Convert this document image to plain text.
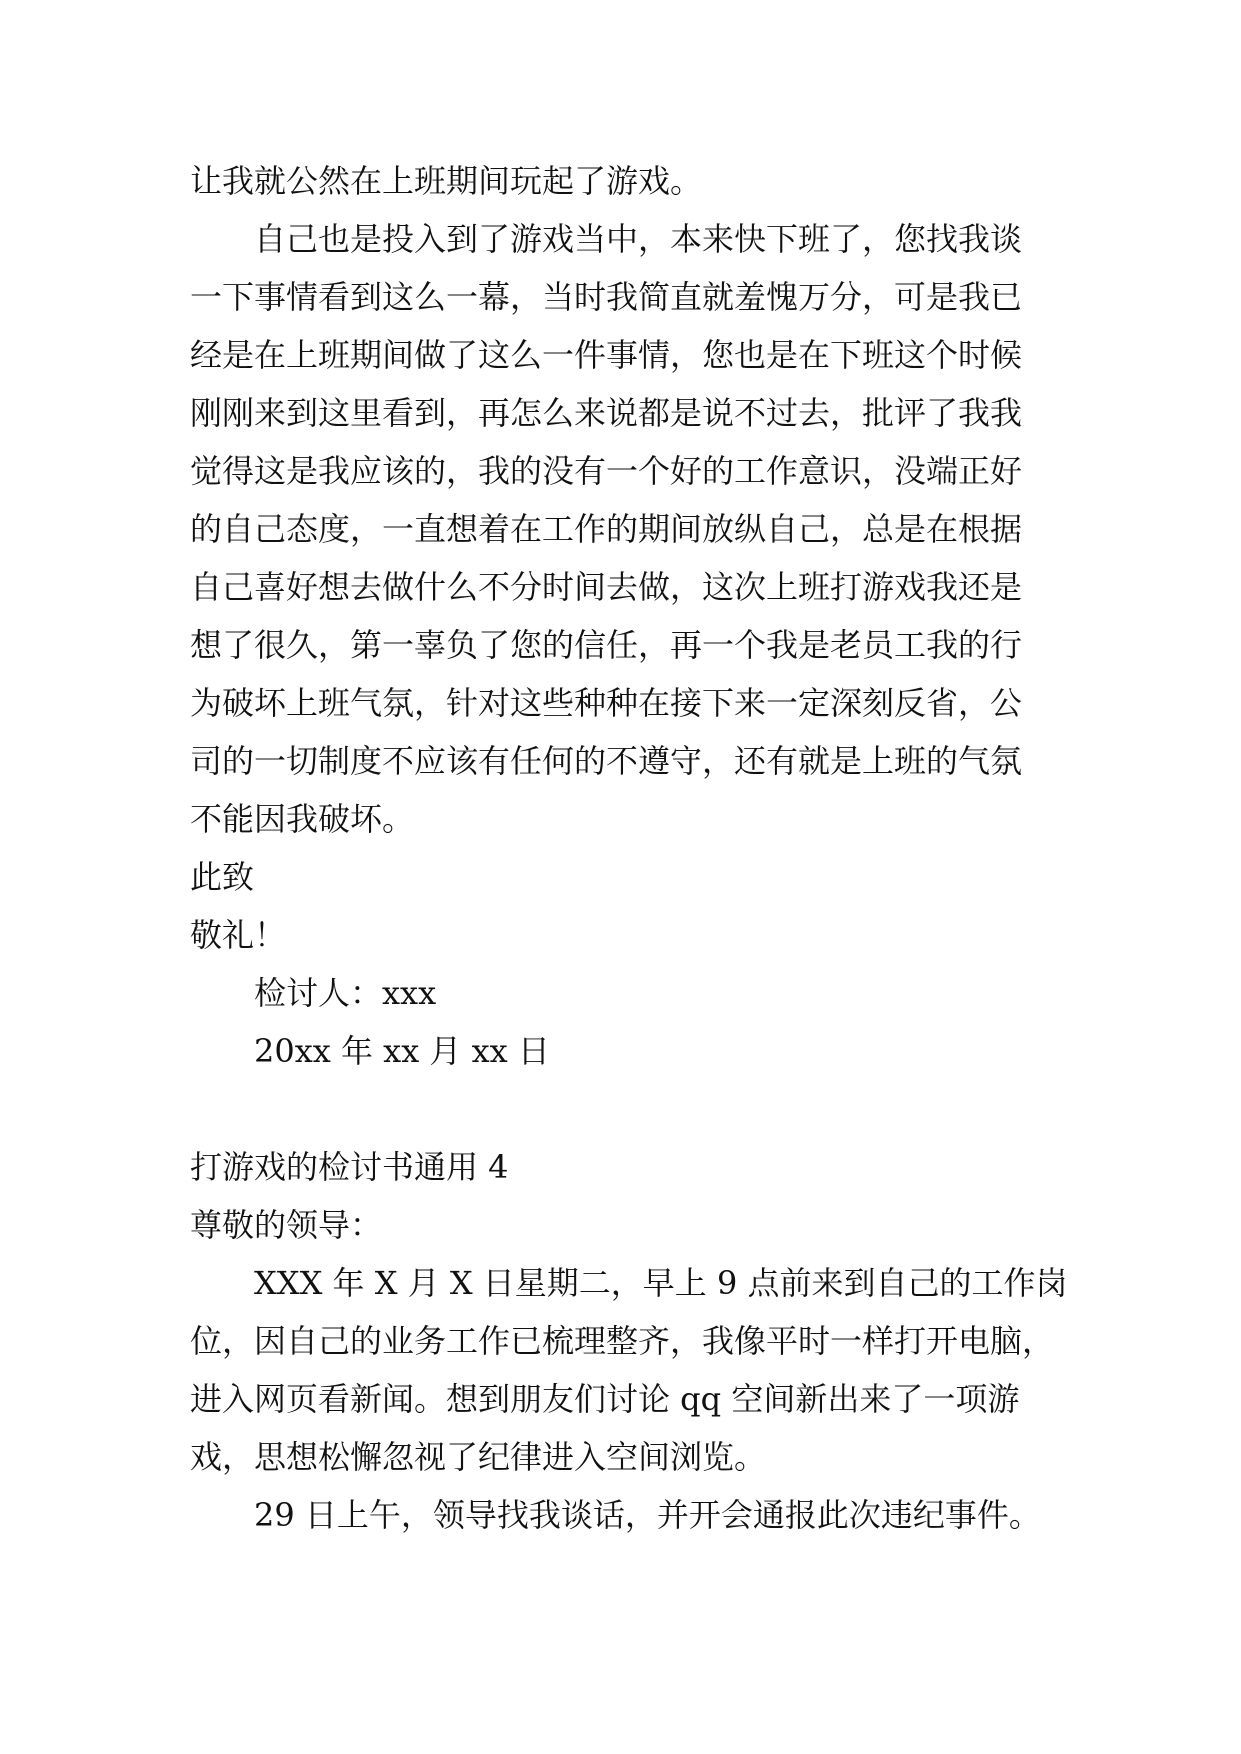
让我就公然在上班期间玩起了游戏。
自己也是投入到了游戏当中，本来快下班了，您找我谈
一下事情看到这么一幕，当时我简直就羞愧万分，可是我已
经是在上班期间做了这么一件事情，您也是在下班这个时候
刚刚来到这里看到，再怎么来说都是说不过去，批评了我我
觉得这是我应该的，我的没有一个好的工作意识，没端正好
的自己态度，一直想着在工作的期间放纵自己，总是在根据
自己喜好想去做什么不分时间去做，这次上班打游戏我还是
想了很久，第一辜负了您的信任，再一个我是老员工我的行
为破坏上班气氛，针对这些种种在接下来一定深刻反省，公
司的一切制度不应该有任何的不遵守，还有就是上班的气氛
不能因我破坏。
此致
敬礼！
检讨人：xxx
20xx 年 xx 月 xx 日
打游戏的检讨书通用 4
尊敬的领导：
XXX 年 X 月 X 日星期二，早上 9 点前来到自己的工作岗
位，因自己的业务工作已梳理整齐，我像平时一样打开电脑，
进入网页看新闻。想到朋友们讨论 qq 空间新出来了一项游
戏，思想松懈忽视了纪律进入空间浏览。
29 日上午，领导找我谈话，并开会通报此次违纪事件。
